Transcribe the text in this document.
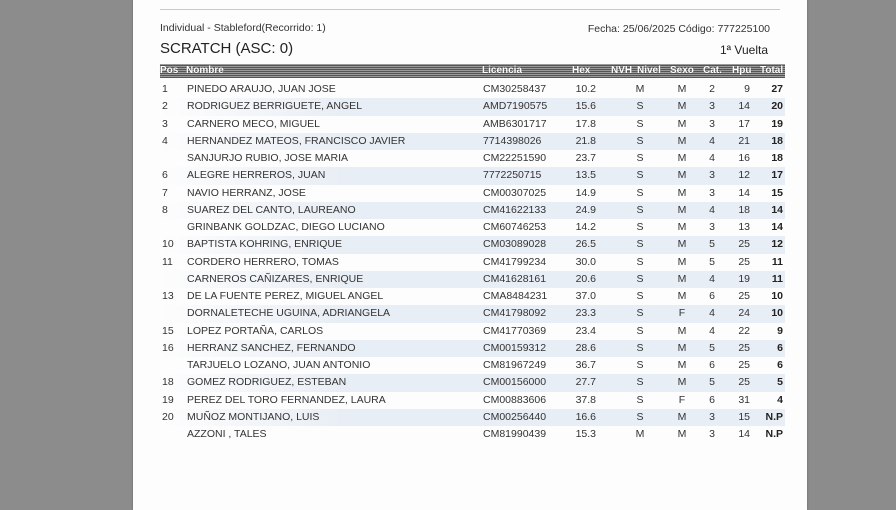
Individual - Stableford(Recorrido: 1)	Fecha: 25/06/2025 Código: 777225100
SCRATCH (ASC: 0)	1ª Vuelta
Pos Nombre	Licencia	Hex NVH Nivel Sexo Cat. Hpu Total
1 PINEDO ARAUJO, JUAN JOSE	CM30258437	10.2	M	M	2	9	27
2 RODRIGUEZ BERRIGUETE, ANGEL	AMD7190575	15.6	S	M	3	14	20
3 CARNERO MECO, MIGUEL	AMB6301717	17.8	S	M	3	17	19
4 HERNANDEZ MATEOS, FRANCISCO JAVIER	7714398026	21.8	S	M	4	21	18
SANJURJO RUBIO, JOSE MARIA	CM22251590	23.7	S	M	4	16	18
6 ALEGRE HERREROS, JUAN	7772250715	13.5	S	M	3	12	17
7 NAVIO HERRANZ, JOSE	CM00307025	14.9	S	M	3	14	15
8 SUAREZ DEL CANTO, LAUREANO	CM41622133	24.9	S	M	4	18	14
GRINBANK GOLDZAC, DIEGO LUCIANO	CM60746253	14.2	S	M	3	13	14
10 BAPTISTA KOHRING, ENRIQUE	CM03089028	26.5	S	M	5	25	12
11 CORDERO HERRERO, TOMAS	CM41799234	30.0	S	M	5	25	11
CARNEROS CAÑIZARES, ENRIQUE	CM41628161	20.6	S	M	4	19	11
13 DE LA FUENTE PEREZ, MIGUEL ANGEL	CMA8484231	37.0	S	M	6	25	10
DORNALETECHE UGUINA, ADRIANGELA	CM41798092	23.3	S	F	4	24	10
15 LOPEZ PORTAÑA, CARLOS	CM41770369	23.4	S	M	4	22	9
16 HERRANZ SANCHEZ, FERNANDO	CM00159312	28.6	S	M	5	25	6
TARJUELO LOZANO, JUAN ANTONIO	CM81967249	36.7	S	M	6	25	6
18 GOMEZ RODRIGUEZ, ESTEBAN	CM00156000	27.7	S	M	5	25	5
19 PEREZ DEL TORO FERNANDEZ, LAURA	CM00883606	37.8	S	F	6	31	4
20 MUÑOZ MONTIJANO, LUIS	CM00256440	16.6	S	M	3	15	N.P
AZZONI , TALES	CM81990439	15.3	M	M	3	14	N.P
